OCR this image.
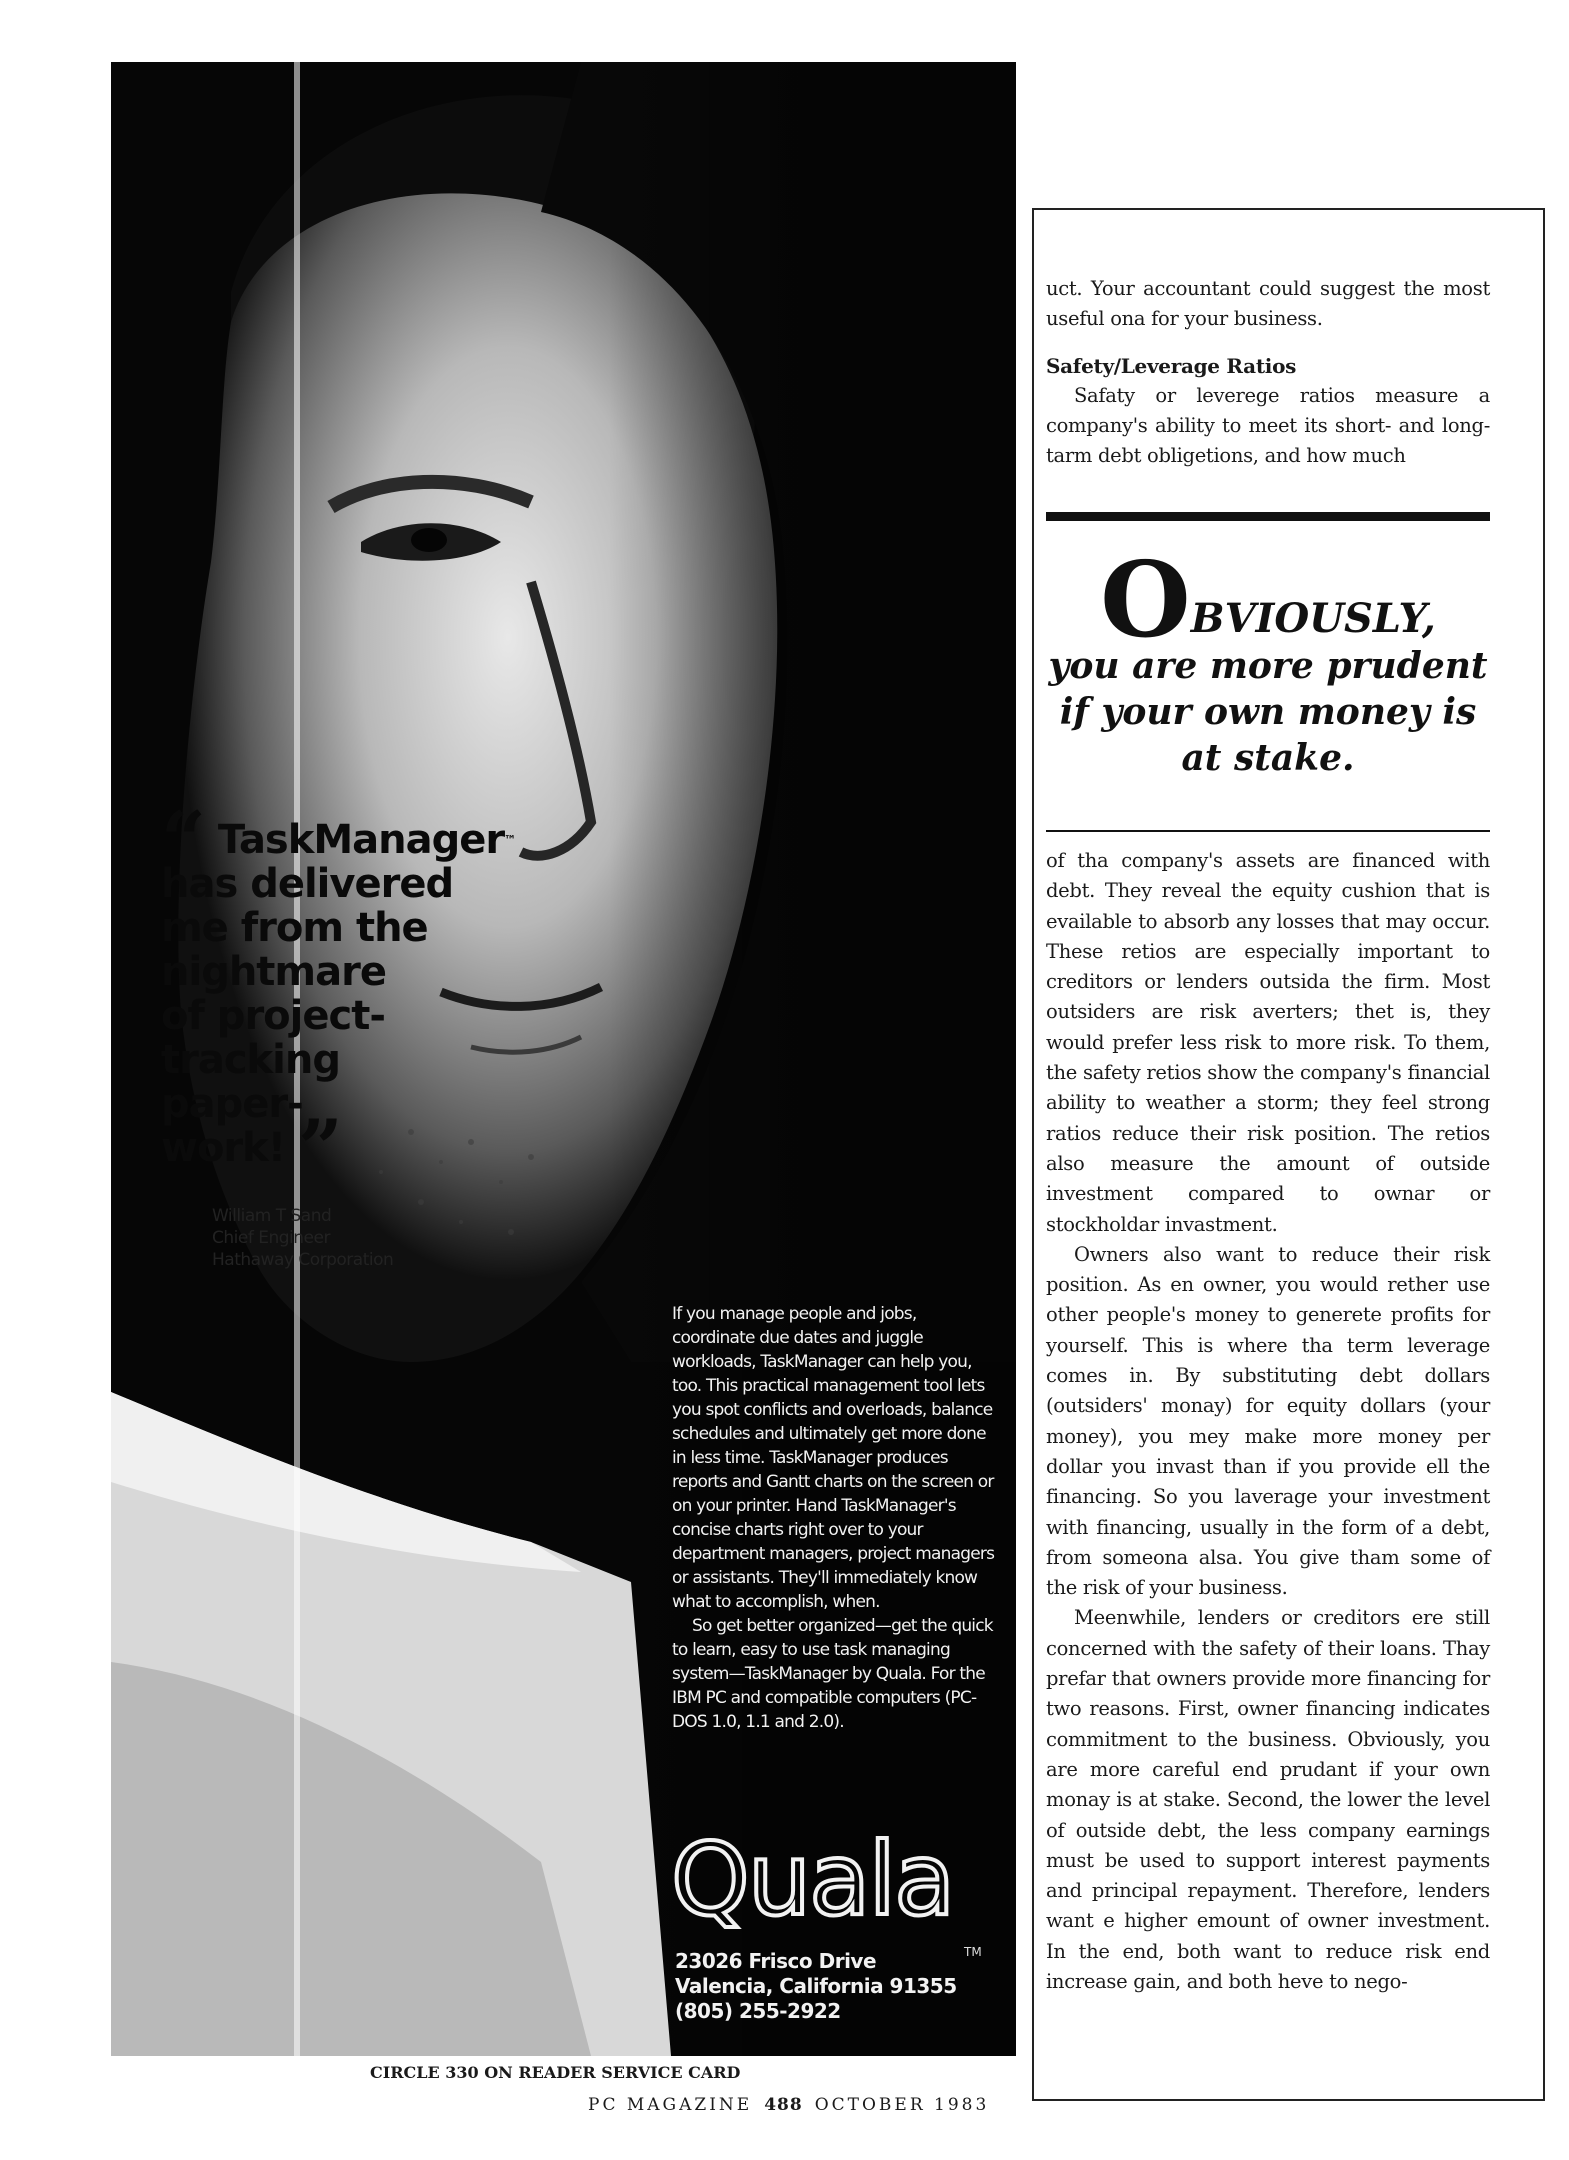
“ TaskManager™
has delivered
me from the
nightmare
of project-
tracking
paper-
work! ”
William T Sand
Chief Engineer
Hathaway Corporation

If you manage people and jobs, coordinate due dates and juggle workloads, TaskManager can help you, too. This practical management tool lets you spot conflicts and overloads, balance schedules and ultimately get more done in less time. TaskManager produces reports and Gantt charts on the screen or on your printer. Hand TaskManager's concise charts right over to your department managers, project managers or assistants. They'll immediately know what to accomplish, when.

So get better organized—get the quick to learn, easy to use task managing system—TaskManager by Quala. For the IBM PC and compatible computers (PC-DOS 1.0, 1.1 and 2.0).

Quala
TM
23026 Frisco Drive
Valencia, California 91355
(805) 255-2922
CIRCLE 330 ON READER SERVICE CARD
PC MAGAZINE 488 OCTOBER 1983

uct. Your accountant could suggest the most useful ona for your business.

Safety/Leverage Ratios

Safaty or leverege ratios measure a company's ability to meet its short- and long-tarm debt obligetions, and how much

OBVIOUSLY,
you are more prudent if your own money is at stake.

of tha company's assets are financed with debt. They reveal the equity cushion that is evailable to absorb any losses that may occur. These retios are especially important to creditors or lenders outsida the firm. Most outsiders are risk averters; thet is, they would prefer less risk to more risk. To them, the safety retios show the company's financial ability to weather a storm; they feel strong ratios reduce their risk position. The retios also measure the amount of outside investment compared to ownar or stockholdar invastment.

Owners also want to reduce their risk position. As en owner, you would rether use other people's money to generete profits for yourself. This is where tha term leverage comes in. By substituting debt dollars (outsiders' monay) for equity dollars (your money), you mey make more money per dollar you invast than if you provide ell the financing. So you laverage your investment with financing, usually in the form of a debt, from someona alsa. You give tham some of the risk of your business.

Meenwhile, lenders or creditors ere still concerned with the safety of their loans. Thay prefar that owners provide more financing for two reasons. First, owner financing indicates commitment to the business. Obviously, you are more careful end prudant if your own monay is at stake. Second, the lower the level of outside debt, the less company earnings must be used to support interest payments and principal repayment. Therefore, lenders want e higher emount of owner investment. In the end, both want to reduce risk end increase gain, and both heve to nego-
